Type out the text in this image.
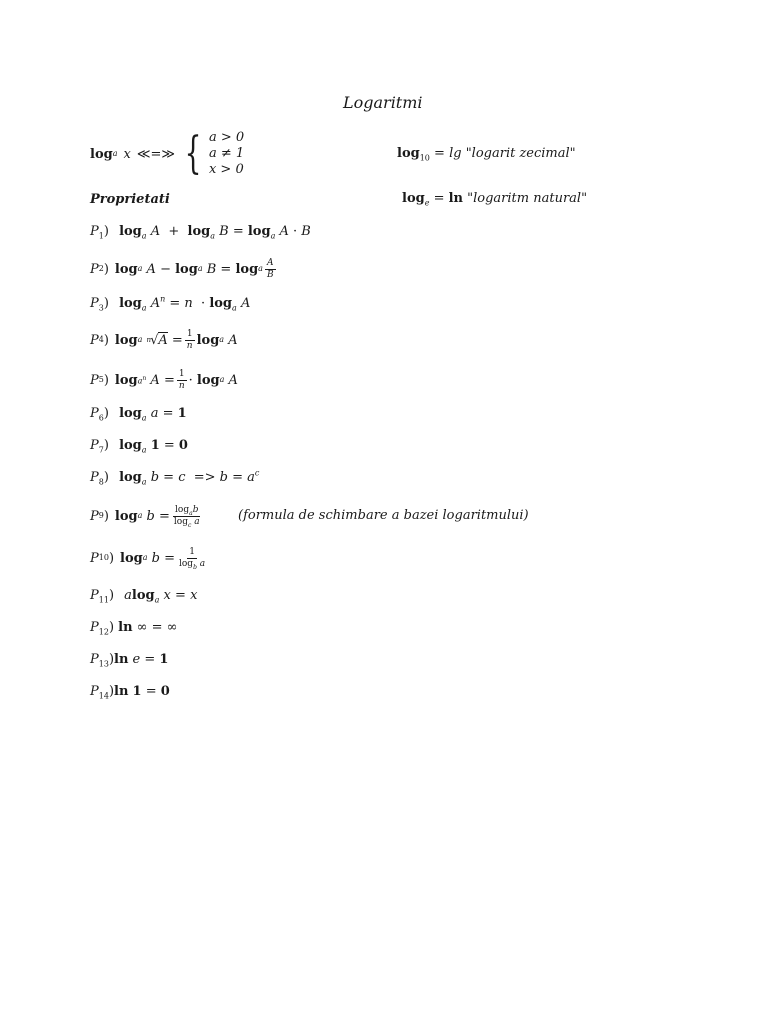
Logaritmi
log a x ≪=≫ { a > 0
a ≠ 1
x > 0
$\log_{10} = \lg$ "logarit zecimal"
Proprietati	$\log_e = \ln$ "logaritm natural"
$P_1$) $\log_a A + \log_a B = \log_a A \cdot B$
P 2 ) log a
A − log a
B = log a $\frac{A}{B}$
$P_3$) $\log_a A^n = n \cdot \log_a A$
P 4 ) log a
n √ $A = \frac{1}{n}$ log a
A
P 5 ) $\log a^n$
$A = \frac{1}{n} \cdot \log a$
A
$P_6$) $\log_a a = 1$
$P_7$) $\log_a 1 = 0$
$P_8$) $\log_a b = c => b = a^c$
P 9 ) log a
$b = \frac{\log_ab}{\log_c a}$	(formula de schimbare a bazei logaritmului)
P 10 ) log a
$b = \frac{1}{\log_b a}$
$P_{11}$) alog$_a$ x = x
$P_{12}$) ln ∞ = ∞
$P_{13})\ln$ e = 1
$P_{14})\ln$ 1 = 0
